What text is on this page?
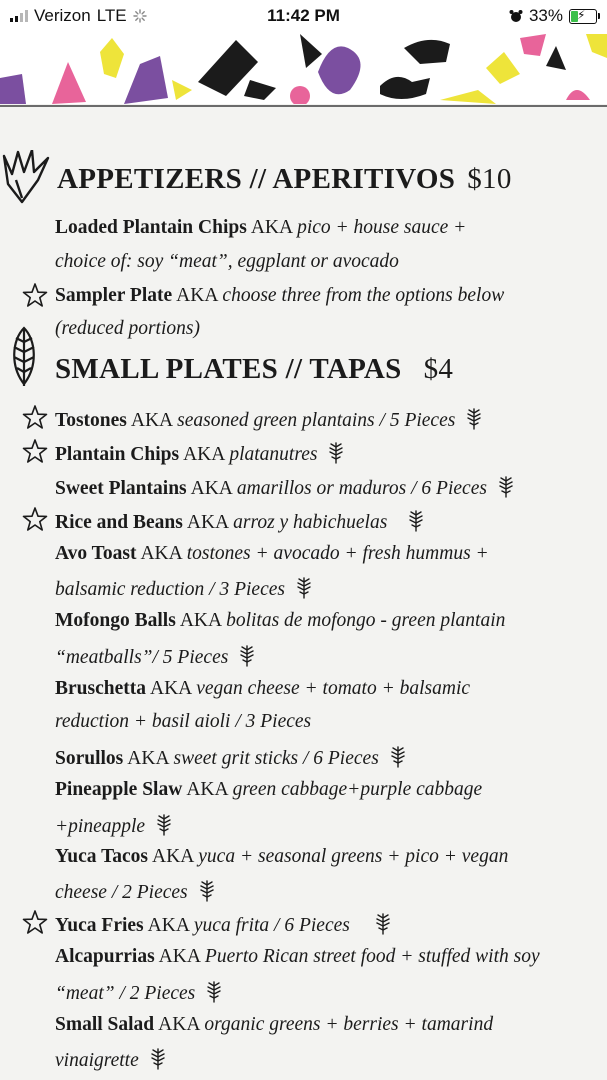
Verizon LTE	11:42 PM	33% ⚡
APPETIZERS // APERITIVOS $10
Loaded Plantain Chips AKA pico + house sauce +
choice of: soy “meat”, eggplant or avocado
Sampler Plate AKA choose three from the options below
(reduced portions)
SMALL PLATES // TAPAS $4
Tostones AKA seasoned green plantains / 5 Pieces
Plantain Chips AKA platanutres
Sweet Plantains AKA amarillos or maduros / 6 Pieces
Rice and Beans AKA arroz y habichuelas
Avo Toast AKA tostones + avocado + fresh hummus +
balsamic reduction / 3 Pieces
Mofongo Balls AKA bolitas de mofongo - green plantain
“meatballs”/ 5 Pieces
Bruschetta AKA vegan cheese + tomato + balsamic
reduction + basil aioli / 3 Pieces
Sorullos AKA sweet grit sticks / 6 Pieces
Pineapple Slaw AKA green cabbage+purple cabbage
+pineapple
Yuca Tacos AKA yuca + seasonal greens + pico + vegan
cheese / 2 Pieces
Yuca Fries AKA yuca frita / 6 Pieces
Alcapurrias AKA Puerto Rican street food + stuffed with soy
“meat” / 2 Pieces
Small Salad AKA organic greens + berries + tamarind
vinaigrette
